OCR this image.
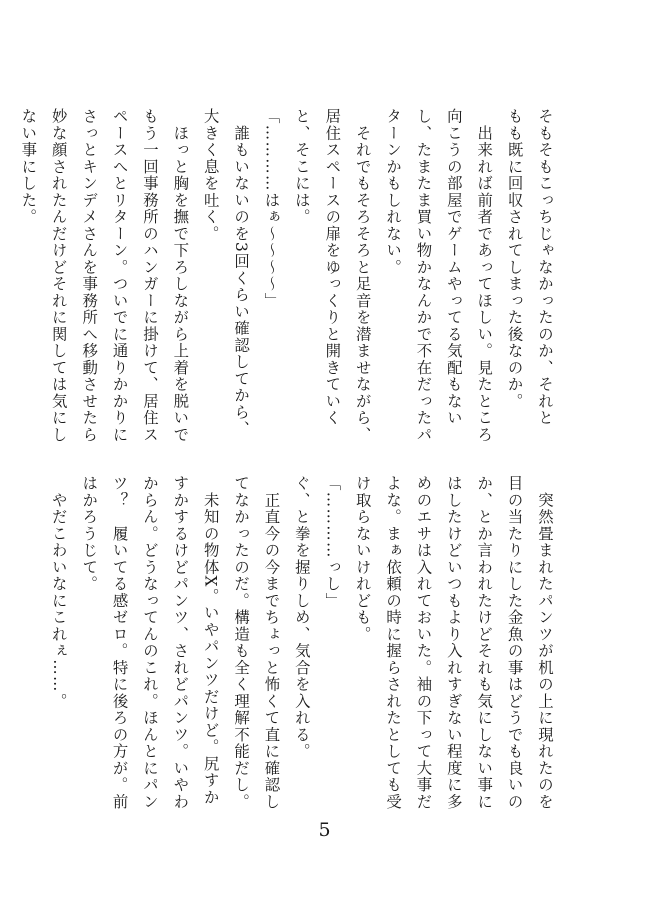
そもそもこっちじゃなかったのか、それと
もも既に回収されてしまった後なのか。
　出来れば前者であってほしい。見たところ
向こうの部屋でゲームやってる気配もない
し、たまたま買い物かなんかで不在だったパ
ターンかもしれない。
　それでもそろそろと足音を潜ませながら、
居住スペースの扉をゆっくりと開きていく
と、そこには。
「…………はぁ～～～～」
　誰もいないのを3回くらい確認してから、
大きく息を吐く。
　ほっと胸を撫で下ろしながら上着を脱いで
もう一回事務所のハンガーに掛けて、居住ス
ペースへとリターン。ついでに通りかかりに
さっとキンデメさんを事務所へ移動させたら
妙な顔されたんだけどそれに関しては気にし
ない事にした。
　突然畳まれたパンツが机の上に現れたのを
目の当たりにした金魚の事はどうでも良いの
か、とか言われたけどそれも気にしない事に
はしたけどいつもより入れすぎない程度に多
めのエサは入れておいた。袖の下って大事だ
よな。まぁ依頼の時に握らされたとしても受
け取らないけれども。
「…………っし」
ぐ、と拳を握りしめ、気合を入れる。
　正直今の今までちょっと怖くて直に確認し
てなかったのだ。構造も全く理解不能だし。
　未知の物体X。いやパンツだけど。尻すか
すかするけどパンツ、されどパンツ。いやわ
からん。どうなってんのこれ。ほんとにパン
ツ？　履いてる感ゼロ。特に後ろの方が。前
はかろうじて。
　やだこわいなにこれぇ……。
5
